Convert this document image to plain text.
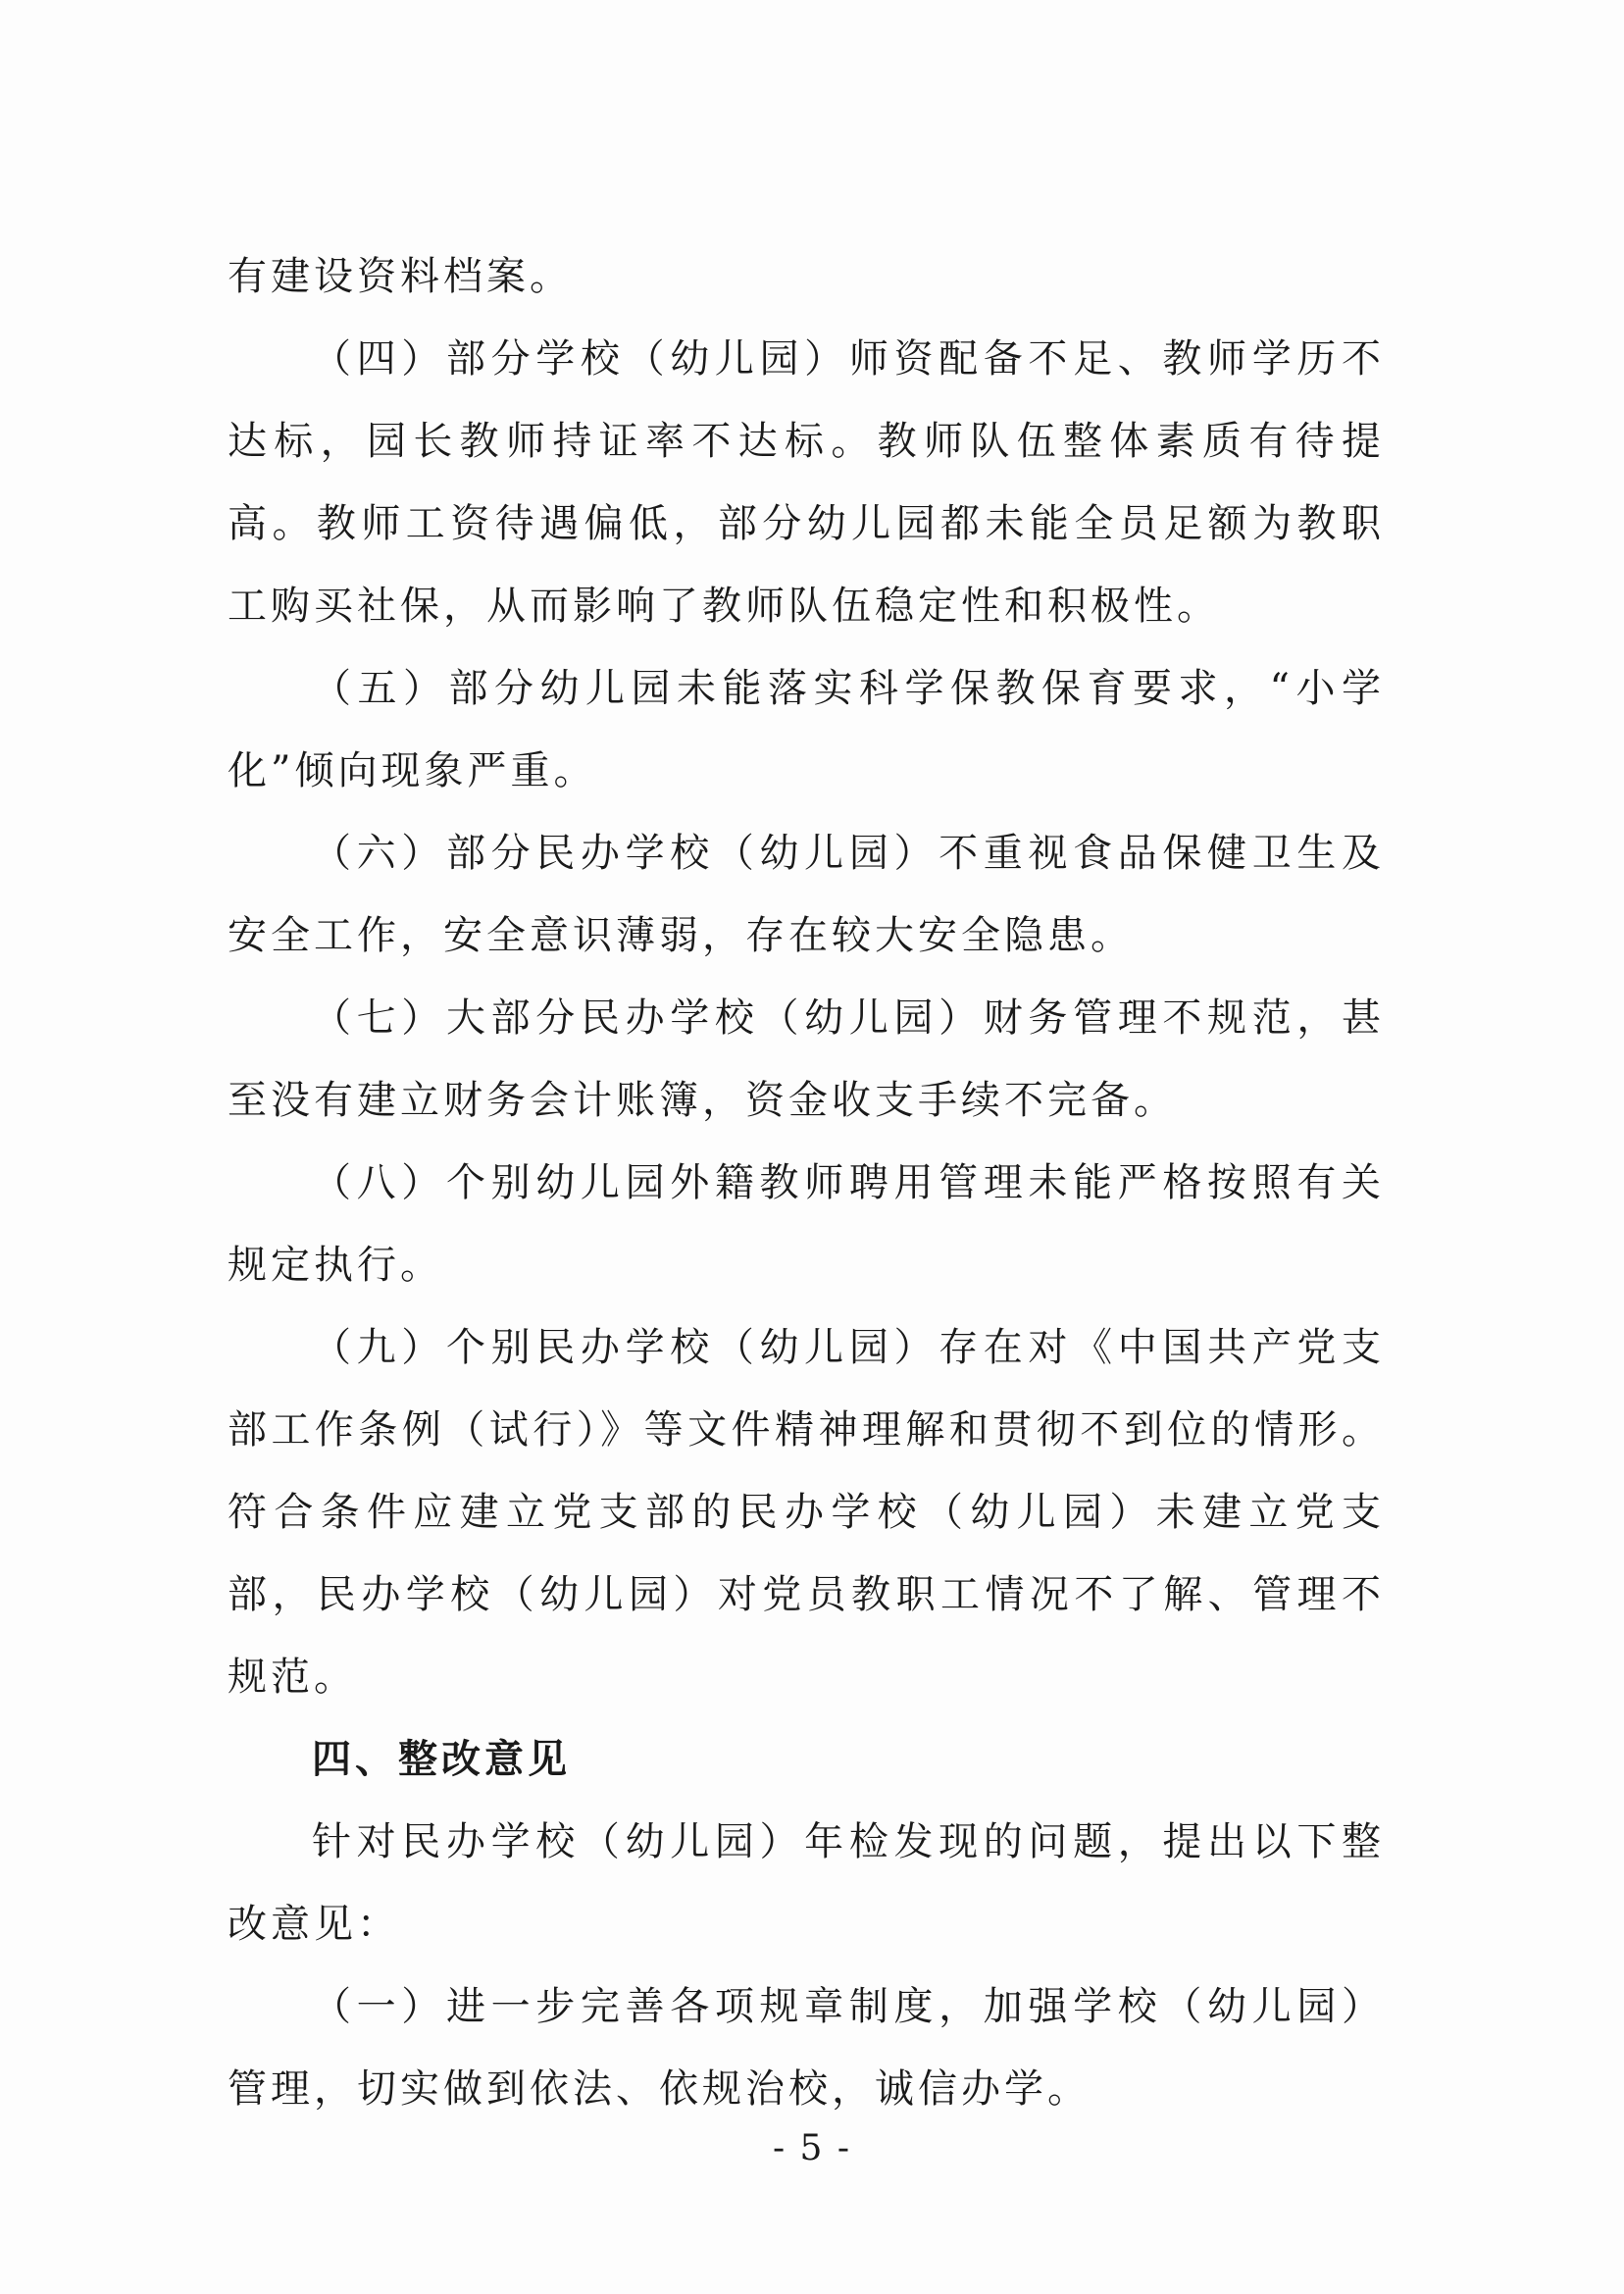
有建设资料档案。

（四）部分学校（幼儿园）师资配备不足、教师学历不达标，园长教师持证率不达标。教师队伍整体素质有待提高。教师工资待遇偏低，部分幼儿园都未能全员足额为教职工购买社保，从而影响了教师队伍稳定性和积极性。

（五）部分幼儿园未能落实科学保教保育要求，“小学化”倾向现象严重。

（六）部分民办学校（幼儿园）不重视食品保健卫生及安全工作，安全意识薄弱，存在较大安全隐患。

（七）大部分民办学校（幼儿园）财务管理不规范，甚至没有建立财务会计账簿，资金收支手续不完备。

（八）个别幼儿园外籍教师聘用管理未能严格按照有关规定执行。

（九）个别民办学校（幼儿园）存在对《中国共产党支部工作条例（试行）》等文件精神理解和贯彻不到位的情形。符合条件应建立党支部的民办学校（幼儿园）未建立党支部，民办学校（幼儿园）对党员教职工情况不了解、管理不规范。

四、整改意见

针对民办学校（幼儿园）年检发现的问题，提出以下整改意见：

（一）进一步完善各项规章制度，加强学校（幼儿园）管理，切实做到依法、依规治校，诚信办学。

- 5 -
